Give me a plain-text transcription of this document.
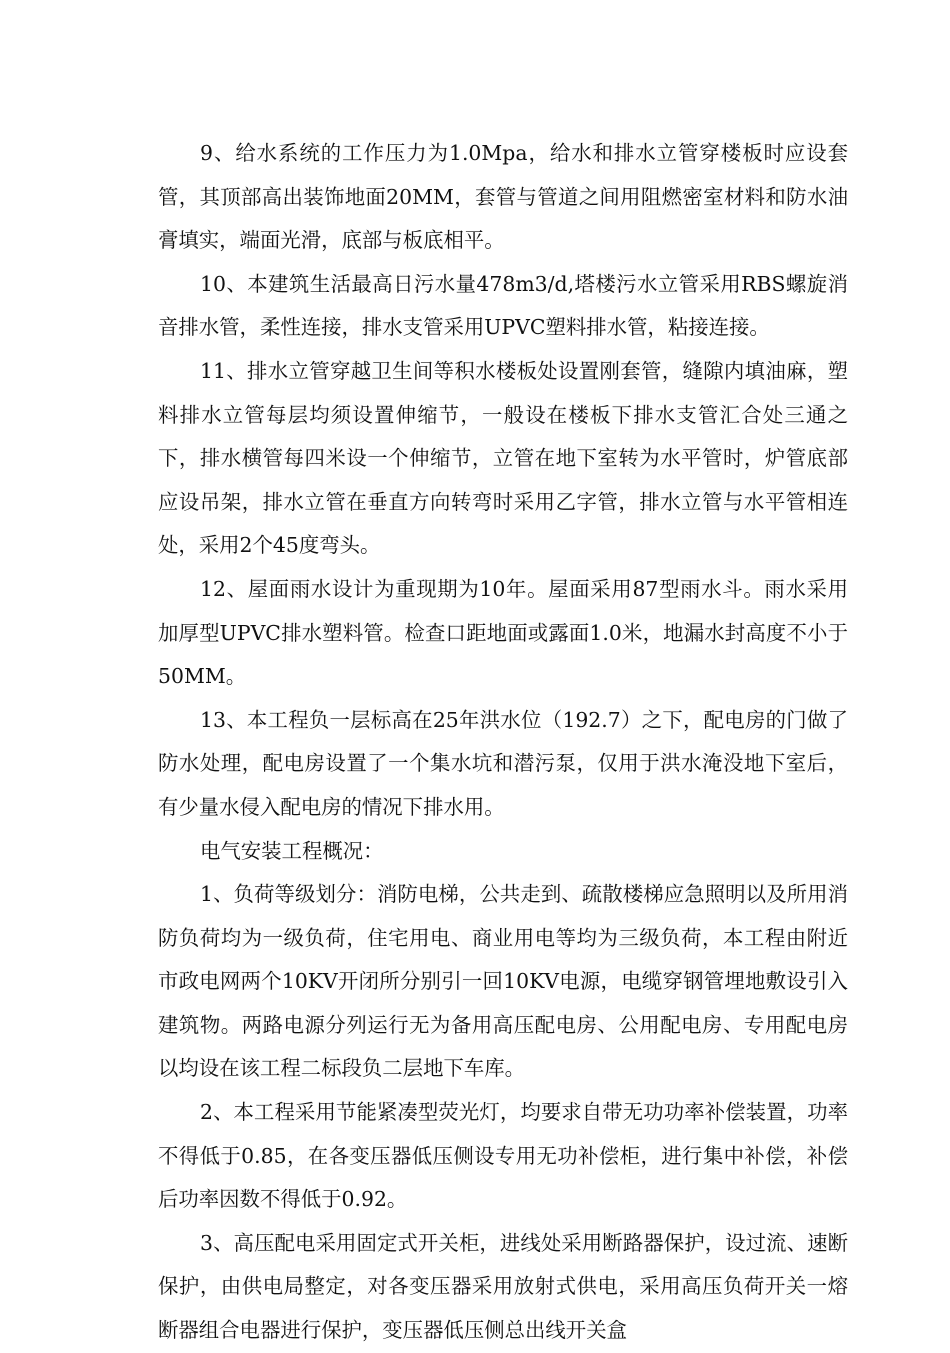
9、给水系统的工作压力为1.0Mpa，给水和排水立管穿楼板时应设套管，其顶部高出装饰地面20MM，套管与管道之间用阻燃密室材料和防水油膏填实，端面光滑，底部与板底相平。

10、本建筑生活最高日污水量478m3/d,塔楼污水立管采用RBS螺旋消音排水管，柔性连接，排水支管采用UPVC塑料排水管，粘接连接。

11、排水立管穿越卫生间等积水楼板处设置刚套管，缝隙内填油麻，塑料排水立管每层均须设置伸缩节，一般设在楼板下排水支管汇合处三通之下，排水横管每四米设一个伸缩节，立管在地下室转为水平管时，炉管底部应设吊架，排水立管在垂直方向转弯时采用乙字管，排水立管与水平管相连处，采用2个45度弯头。

12、屋面雨水设计为重现期为10年。屋面采用87型雨水斗。雨水采用加厚型UPVC排水塑料管。检查口距地面或露面1.0米，地漏水封高度不小于50MM。

13、本工程负一层标高在25年洪水位（192.7）之下，配电房的门做了防水处理，配电房设置了一个集水坑和潜污泵，仅用于洪水淹没地下室后，有少量水侵入配电房的情况下排水用。

电气安装工程概况：

1、负荷等级划分：消防电梯，公共走到、疏散楼梯应急照明以及所用消防负荷均为一级负荷，住宅用电、商业用电等均为三级负荷，本工程由附近市政电网两个10KV开闭所分别引一回10KV电源，电缆穿钢管埋地敷设引入建筑物。两路电源分列运行无为备用高压配电房、公用配电房、专用配电房以均设在该工程二标段负二层地下车库。

2、本工程采用节能紧凑型荧光灯，均要求自带无功功率补偿装置，功率不得低于0.85，在各变压器低压侧设专用无功补偿柜，进行集中补偿，补偿后功率因数不得低于0.92。

3、高压配电采用固定式开关柜，进线处采用断路器保护，设过流、速断保护，由供电局整定，对各变压器采用放射式供电，采用高压负荷开关一熔断器组合电器进行保护，变压器低压侧总出线开关盒
